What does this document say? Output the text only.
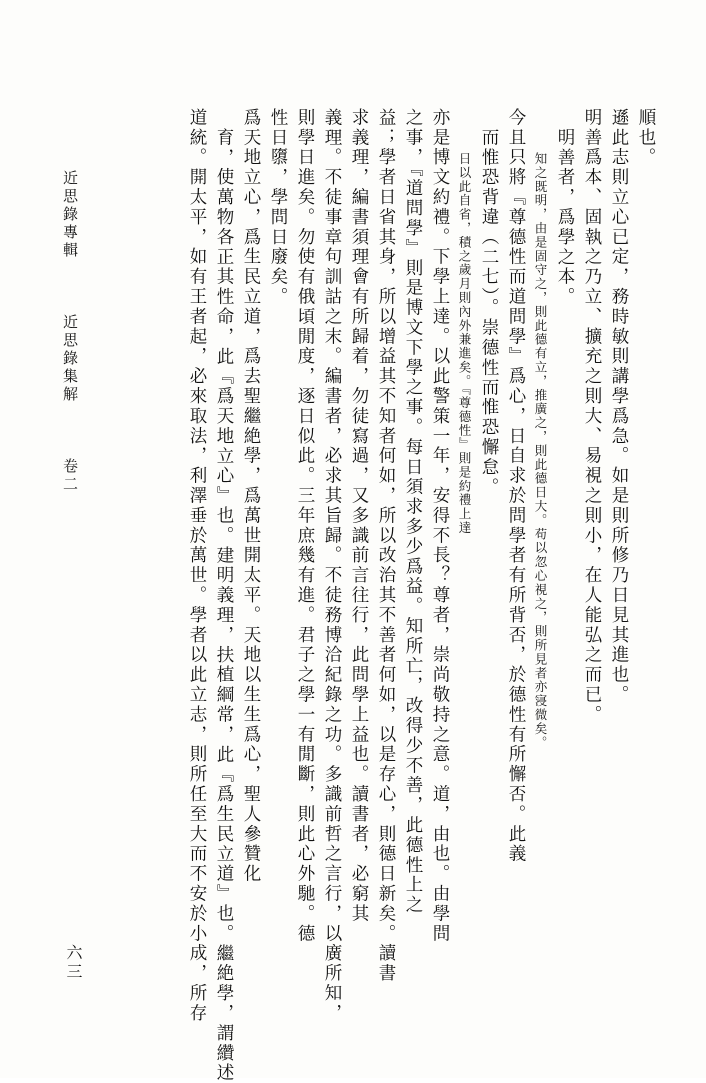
道統。開太平，如有王者起，必來取法，利澤垂於萬世。學者以此立志，則所任至大而不安於小成，所存 育，使萬物各正其性命，此『爲天地立心』也。建明義理，扶植綱常，此『爲生民立道』也。繼絶學，謂纘述 爲天地立心，爲生民立道，爲去聖繼絶學，爲萬世開太平。天地以生生爲心，聖人參贊化 性日隳，學問日廢矣。 則學日進矣。勿使有俄頃閒度，逐日似此。三年庶幾有進。君子之學一有閒斷，則此心外馳。德 義理。不徒事章句訓詁之末。編書者，必求其旨歸。不徒務博洽紀錄之功。多識前哲之言行，以廣所知， 求義理，編書須理會有所歸着，勿徒寫過，又多識前言往行，此問學上益也。讀書者，必窮其 益；學者日省其身，所以增益其不知者何如，所以改治其不善者何如，以是存心，則德日新矣。讀書 之事，『道問學』則是博文下學之事。每日須求多少爲益。知所亡，改得少不善，此德性上之 亦是博文約禮。下學上達。以此警策一年，安得不長？尊者，崇尚敬持之意。道，由也。由學問 日以此自省，積之歲月則內外兼進矣。『尊德性』則是約禮上達 而惟恐背違（二七）。崇德性而惟恐懈怠。 今且只將『尊德性而道問學』爲心，日自求於問學者有所背否，於德性有所懈否。此義 知之既明，由是固守之，則此德有立，推廣之，則此德日大。苟以忽心視之，則所見者亦寖微矣。 明善者，爲學之本。 明善爲本、固執之乃立、擴充之則大、易視之則小，在人能弘之而已。 遜此志則立心已定，務時敏則講學爲急。如是則所修乃日見其進也。 順也。
近思錄專輯 　 近思錄集解 　 卷二
六三
